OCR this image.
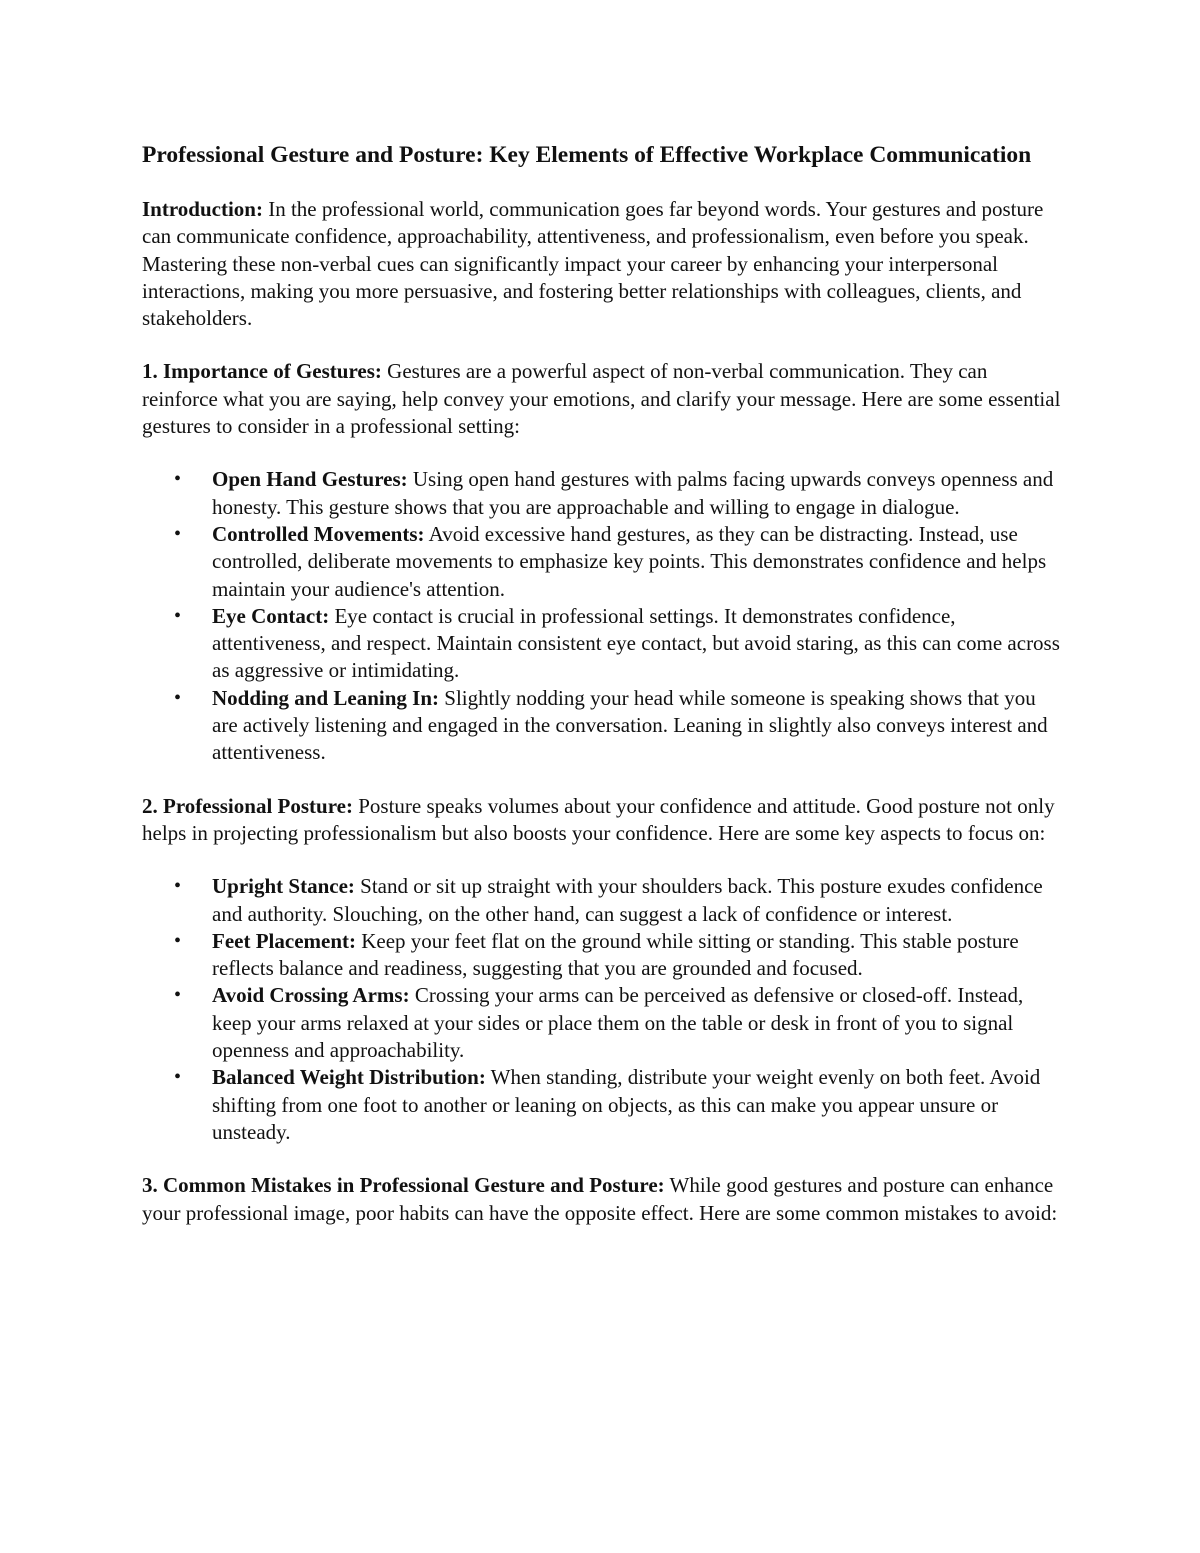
Professional Gesture and Posture: Key Elements of Effective Workplace Communication

Introduction: In the professional world, communication goes far beyond words. Your gestures and posture can communicate confidence, approachability, attentiveness, and professionalism, even before you speak. Mastering these non-verbal cues can significantly impact your career by enhancing your interpersonal interactions, making you more persuasive, and fostering better relationships with colleagues, clients, and stakeholders.

1. Importance of Gestures: Gestures are a powerful aspect of non-verbal communication. They can reinforce what you are saying, help convey your emotions, and clarify your message. Here are some essential gestures to consider in a professional setting:

• Open Hand Gestures: Using open hand gestures with palms facing upwards conveys openness and honesty. This gesture shows that you are approachable and willing to engage in dialogue.
• Controlled Movements: Avoid excessive hand gestures, as they can be distracting. Instead, use controlled, deliberate movements to emphasize key points. This demonstrates confidence and helps maintain your audience's attention.
• Eye Contact: Eye contact is crucial in professional settings. It demonstrates confidence, attentiveness, and respect. Maintain consistent eye contact, but avoid staring, as this can come across as aggressive or intimidating.
• Nodding and Leaning In: Slightly nodding your head while someone is speaking shows that you are actively listening and engaged in the conversation. Leaning in slightly also conveys interest and attentiveness.

2. Professional Posture: Posture speaks volumes about your confidence and attitude. Good posture not only helps in projecting professionalism but also boosts your confidence. Here are some key aspects to focus on:

• Upright Stance: Stand or sit up straight with your shoulders back. This posture exudes confidence and authority. Slouching, on the other hand, can suggest a lack of confidence or interest.
• Feet Placement: Keep your feet flat on the ground while sitting or standing. This stable posture reflects balance and readiness, suggesting that you are grounded and focused.
• Avoid Crossing Arms: Crossing your arms can be perceived as defensive or closed-off. Instead, keep your arms relaxed at your sides or place them on the table or desk in front of you to signal openness and approachability.
• Balanced Weight Distribution: When standing, distribute your weight evenly on both feet. Avoid shifting from one foot to another or leaning on objects, as this can make you appear unsure or unsteady.

3. Common Mistakes in Professional Gesture and Posture: While good gestures and posture can enhance your professional image, poor habits can have the opposite effect. Here are some common mistakes to avoid:
